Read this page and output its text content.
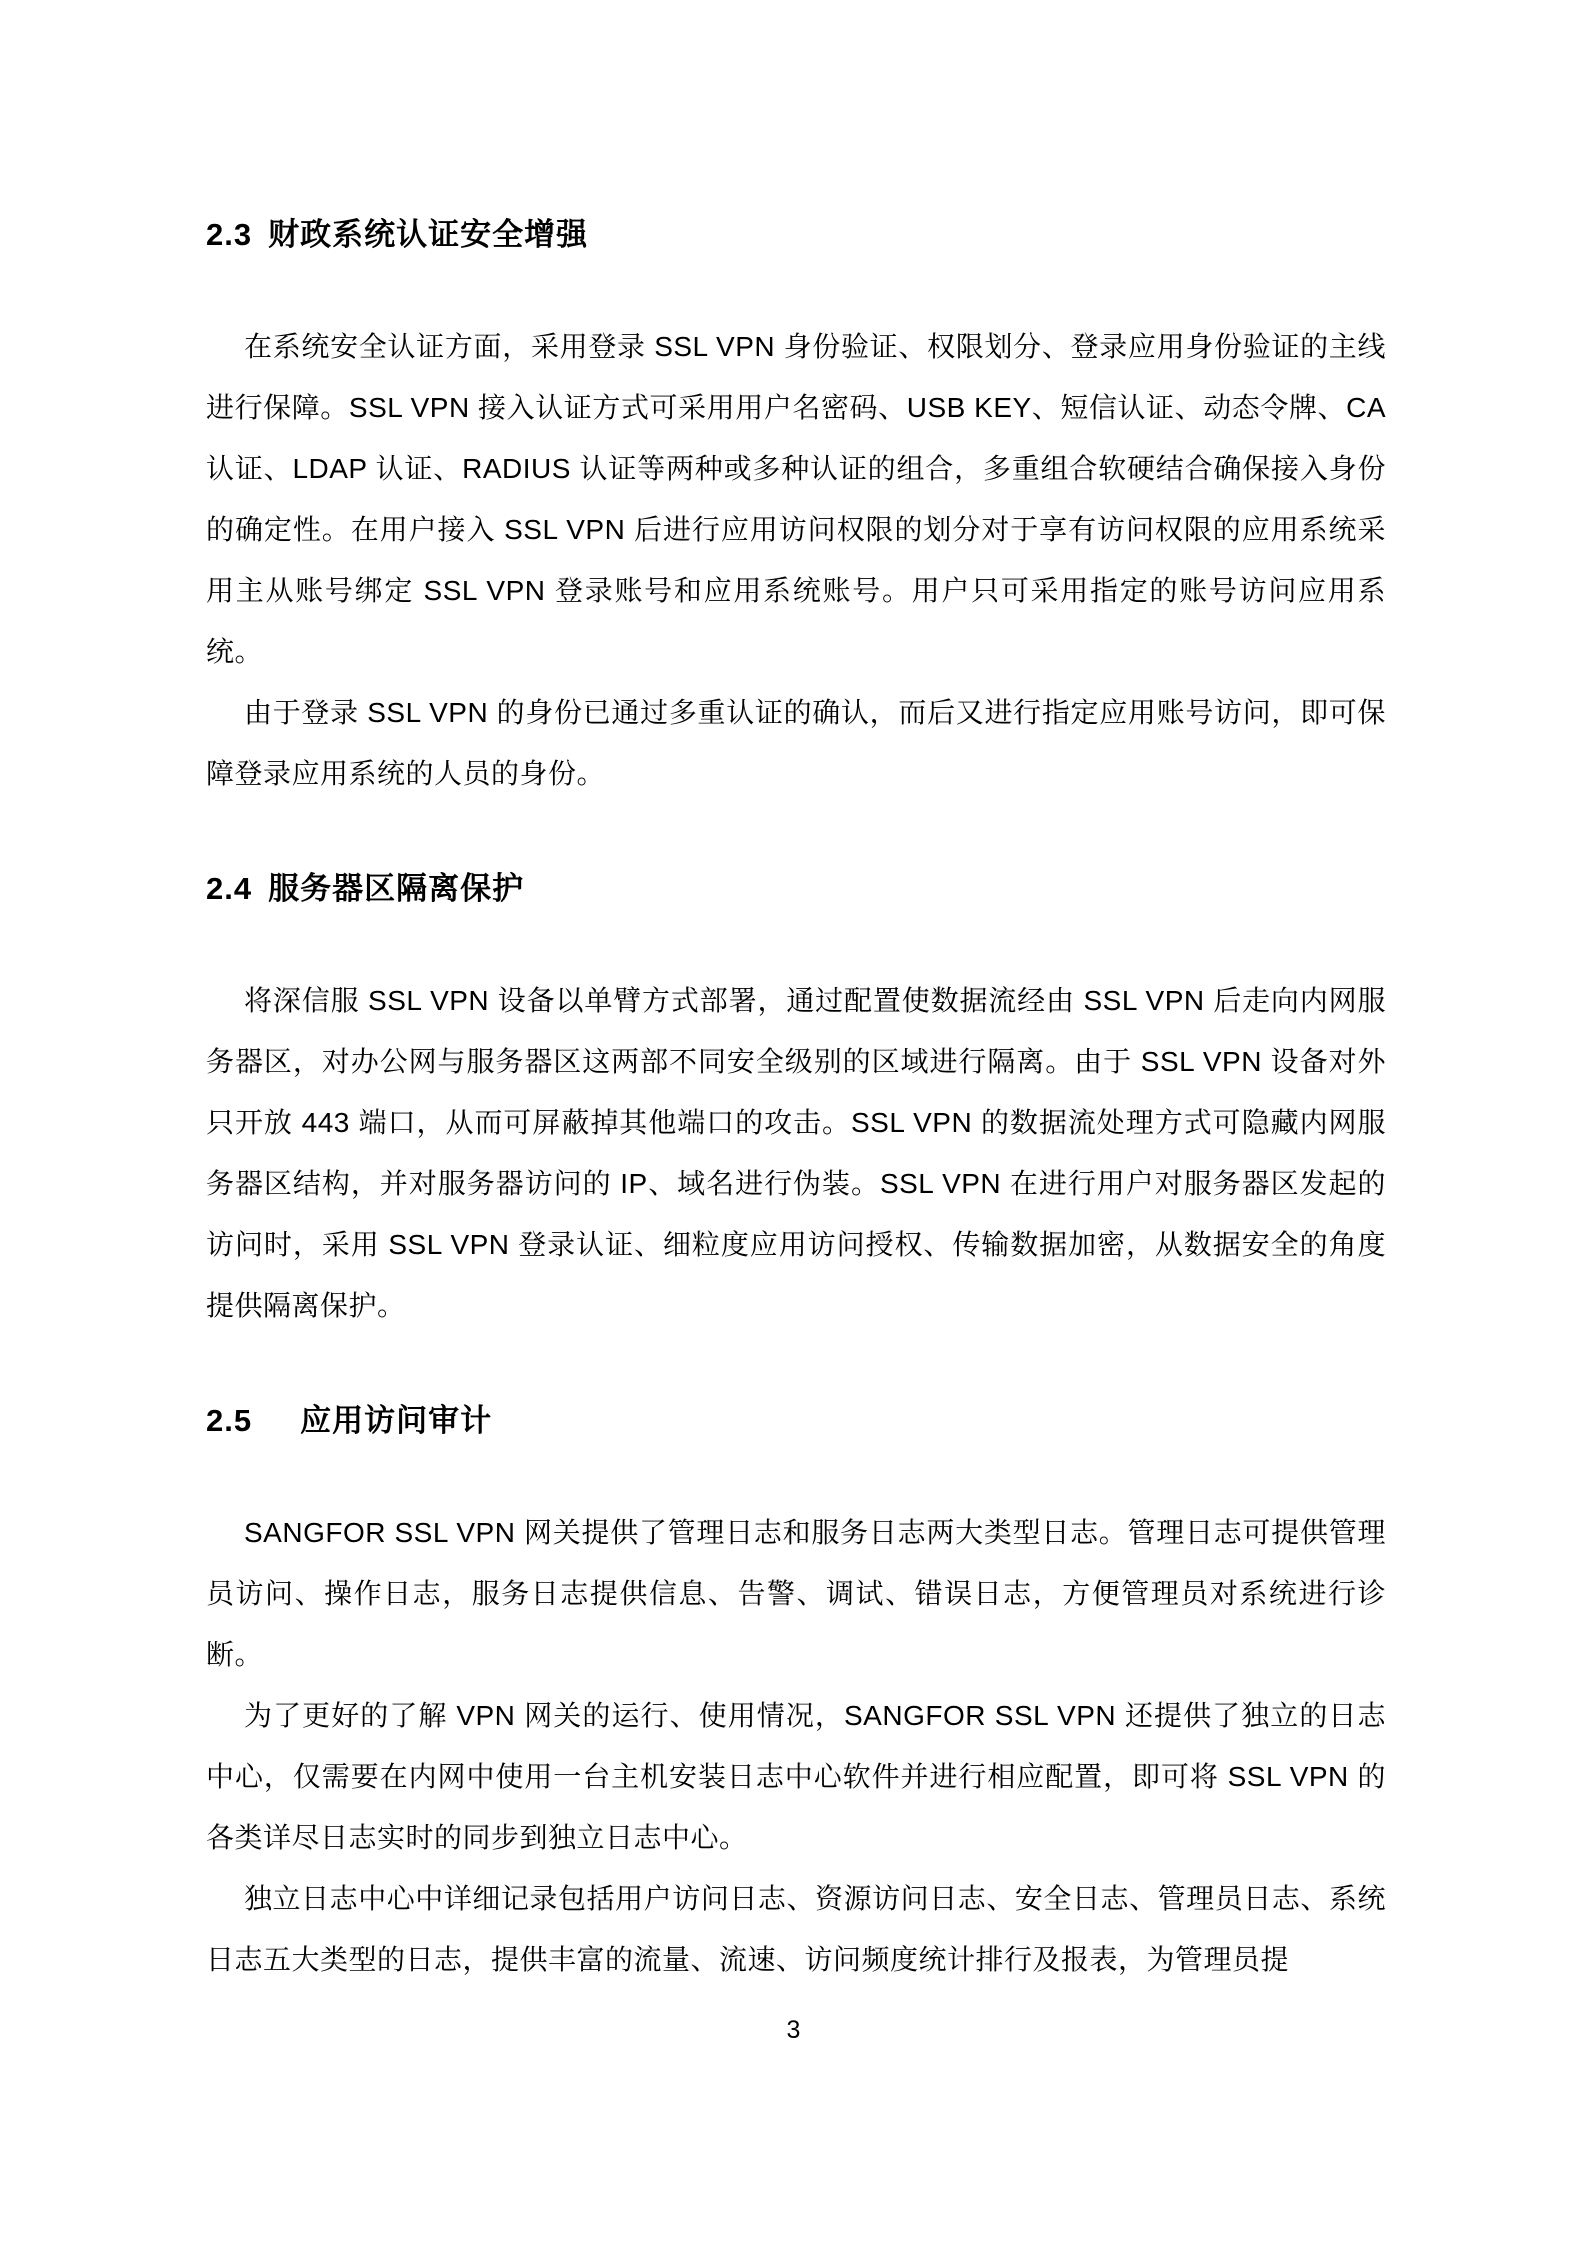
2.3 财政系统认证安全增强

在系统安全认证方面，采用登录 SSL VPN 身份验证、权限划分、登录应用身份验证的主线进行保障。SSL VPN 接入认证方式可采用用户名密码、USB KEY、短信认证、动态令牌、CA 认证、LDAP 认证、RADIUS 认证等两种或多种认证的组合，多重组合软硬结合确保接入身份的确定性。在用户接入 SSL VPN 后进行应用访问权限的划分对于享有访问权限的应用系统采用主从账号绑定 SSL VPN 登录账号和应用系统账号。用户只可采用指定的账号访问应用系统。

由于登录 SSL VPN 的身份已通过多重认证的确认，而后又进行指定应用账号访问，即可保障登录应用系统的人员的身份。

2.4 服务器区隔离保护

将深信服 SSL VPN 设备以单臂方式部署，通过配置使数据流经由 SSL VPN 后走向内网服务器区，对办公网与服务器区这两部不同安全级别的区域进行隔离。由于 SSL VPN 设备对外只开放 443 端口，从而可屏蔽掉其他端口的攻击。SSL VPN 的数据流处理方式可隐藏内网服务器区结构，并对服务器访问的 IP、域名进行伪装。SSL VPN 在进行用户对服务器区发起的访问时，采用 SSL VPN 登录认证、细粒度应用访问授权、传输数据加密，从数据安全的角度提供隔离保护。

2.5 应用访问审计

SANGFOR SSL VPN 网关提供了管理日志和服务日志两大类型日志。管理日志可提供管理员访问、操作日志，服务日志提供信息、告警、调试、错误日志，方便管理员对系统进行诊断。

为了更好的了解 VPN 网关的运行、使用情况，SANGFOR SSL VPN 还提供了独立的日志中心，仅需要在内网中使用一台主机安装日志中心软件并进行相应配置，即可将 SSL VPN 的各类详尽日志实时的同步到独立日志中心。

独立日志中心中详细记录包括用户访问日志、资源访问日志、安全日志、管理员日志、系统日志五大类型的日志，提供丰富的流量、流速、访问频度统计排行及报表，为管理员提

3
